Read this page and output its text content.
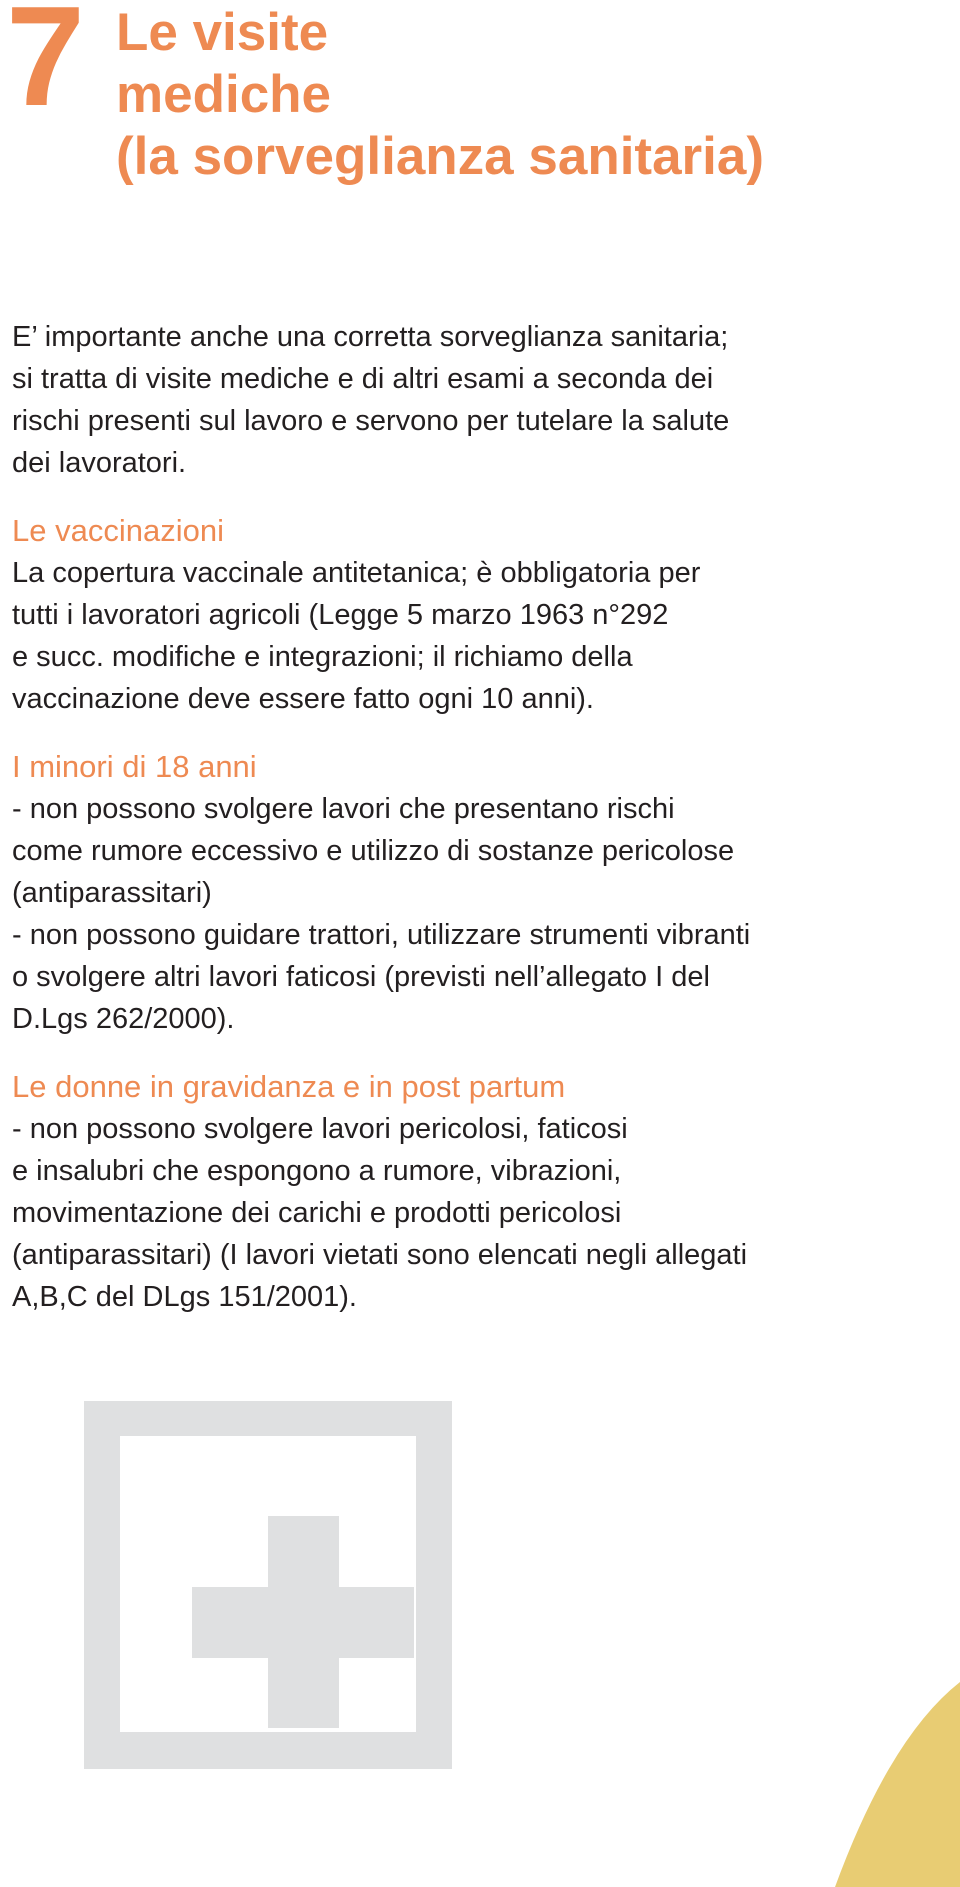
7 Le visite
mediche
(la sorveglianza sanitaria)

E’ importante anche una corretta sorveglianza sanitaria;
si tratta di visite mediche e di altri esami a seconda dei
rischi presenti sul lavoro e servono per tutelare la salute
dei lavoratori.

Le vaccinazioni

La copertura vaccinale antitetanica; è obbligatoria per
tutti i lavoratori agricoli (Legge 5 marzo 1963 n°292
e succ. modifiche e integrazioni; il richiamo della
vaccinazione deve essere fatto ogni 10 anni).

I minori di 18 anni

- non possono svolgere lavori che presentano rischi
come rumore eccessivo e utilizzo di sostanze pericolose
(antiparassitari)
- non possono guidare trattori, utilizzare strumenti vibranti
o svolgere altri lavori faticosi (previsti nell’allegato I del
D.Lgs 262/2000).

Le donne in gravidanza e in post partum

- non possono svolgere lavori pericolosi, faticosi
e insalubri che espongono a rumore, vibrazioni,
movimentazione dei carichi e prodotti pericolosi
(antiparassitari) (I lavori vietati sono elencati negli allegati
A,B,C del DLgs 151/2001).
